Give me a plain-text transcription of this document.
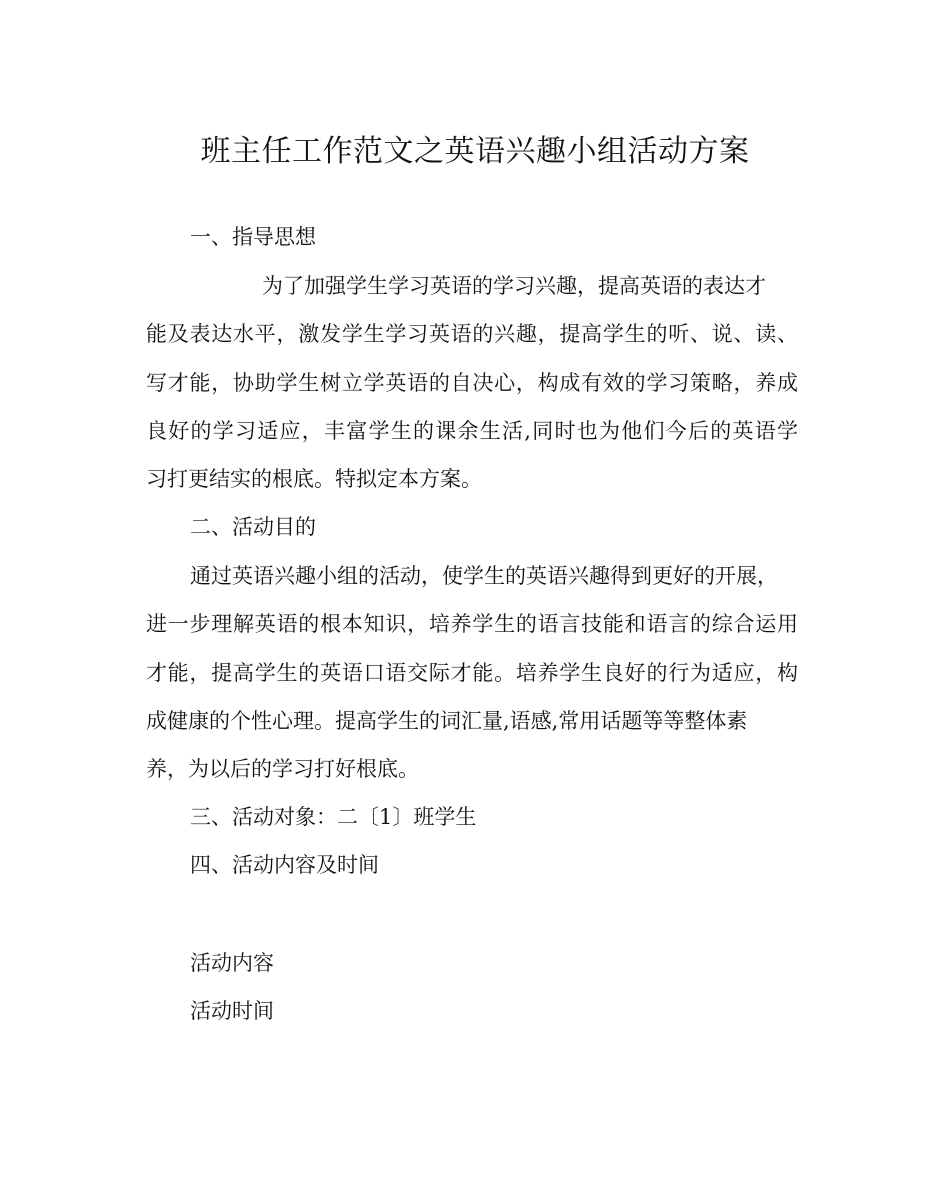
班主任工作范文之英语兴趣小组活动方案

一、指导思想

为了加强学生学习英语的学习兴趣，提高英语的表达才

能及表达水平，激发学生学习英语的兴趣，提高学生的听、说、读、

写才能，协助学生树立学英语的自决心，构成有效的学习策略，养成

良好的学习适应，丰富学生的课余生活,同时也为他们今后的英语学

习打更结实的根底。特拟定本方案。

二、活动目的

通过英语兴趣小组的活动，使学生的英语兴趣得到更好的开展，

进一步理解英语的根本知识，培养学生的语言技能和语言的综合运用

才能，提高学生的英语口语交际才能。培养学生良好的行为适应，构

成健康的个性心理。提高学生的词汇量,语感,常用话题等等整体素

养，为以后的学习打好根底。

三、活动对象：二〔1〕班学生

四、活动内容及时间

活动内容

活动时间
